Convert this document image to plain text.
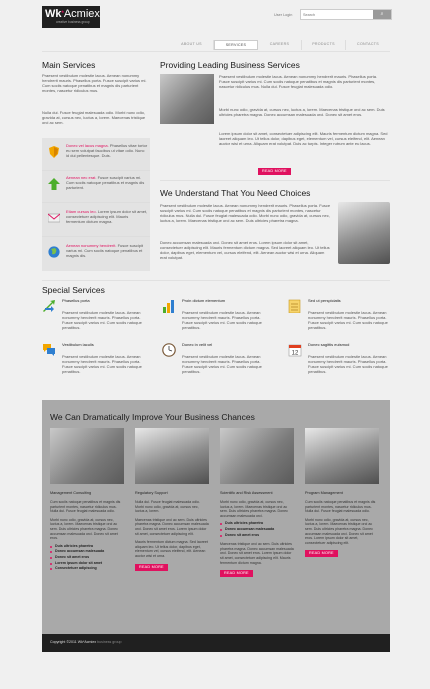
Wk*Acmiex
creative business group
User Login
Search	⌕
ABOUT US	SERVICES	CAREERS	PRODUCTS	CONTACTS
Main Services
Praesent vestibulum molestie lacus. Aenean nonummy hendrerit mauris. Phasellus porta. Fusce suscipit varius mi. Cum sociis natoque penatibus et magnis dis parturient montes, nascetur ridiculus mus.
Nulla dui. Fusce feugiat malesuada odio. Morbi nunc odio, gravida at, cursus nec, luctus a, lorem. Maecenas tristique orci ac sem.
Donec vel lacus magna. Phasellus vitae tortor eu sem volutpat faucibus ut vitae odio. Nunc id dui pellentesque. Duis.
Aenean nec erat. Fusce suscipit varius mi. Cum sociis natoque penatibus et magnis dis parturient.
Etiam cursus leo. Lorem ipsum dolor sit amet, consectetuer adipiscing elit. Mauris fermentum dictum magna.
Aenean nonummy hendrerit. Fusce suscipit varius mi. Cum sociis natoque penatibus et magnis dis.
Providing Leading Business Services
Praesent vestibulum molestie lacus. Aenean nonummy hendrerit mauris. Phasellus porta. Fusce suscipit varius mi. Cum sociis natoque penatibus et magnis dis parturient montes, nascetur ridiculus mus. Nulla dui. Fusce feugiat malesuada odio.
Morbi nunc odio, gravida at, cursus nec, luctus a, lorem. Maecenas tristique orci ac sem. Duis ultricies pharetra magna. Donec accumsan malesuada orci. Donec sit amet eros.
Lorem ipsum dolor sit amet, consectetuer adipiscing elit. Mauris fermentum dictum magna. Sed laoreet aliquam leo. Ut tellus dolor, dapibus eget, elementum vel, cursus eleifend, elit. Aenean auctor wisi et urna. Aliquam erat volutpat. Duis ac turpis. Integer rutrum ante eu lacus.
READ MORE
We Understand That You Need Choices
Praesent vestibulum molestie lacus. Aenean nonummy hendrerit mauris. Phasellus porta. Fusce suscipit varius mi. Cum sociis natoque penatibus et magnis dis parturient montes, nascetur ridiculus mus. Nulla dui. Fusce feugiat malesuada odio. Morbi nunc odio, gravida at, cursus nec, luctus a, lorem. Maecenas tristique orci ac sem. Duis ultricies pharetra magna.
Donec accumsan malesuada orci. Donec sit amet eros. Lorem ipsum dolor sit amet, consectetuer adipiscing elit. Mauris fermentum dictum magna. Sed laoreet aliquam leo. Ut tellus dolor, dapibus eget, elementum vel, cursus eleifend, elit. Aenean auctor wisi et urna. Aliquam erat volutpat.
Special Services
Phasellus porta
Praesent vestibulum molestie lacus. Aenean nonummy hendrerit mauris. Phasellus porta. Fusce suscipit varius mi. Cum sociis natoque penatibus.
Proin dictum elementum
Praesent vestibulum molestie lacus. Aenean nonummy hendrerit mauris. Phasellus porta. Fusce suscipit varius mi. Cum sociis natoque penatibus.
Sed ut perspiciatis
Praesent vestibulum molestie lacus. Aenean nonummy hendrerit mauris. Phasellus porta. Fusce suscipit varius mi. Cum sociis natoque penatibus.
Vestibulum iaculis
Praesent vestibulum molestie lacus. Aenean nonummy hendrerit mauris. Phasellus porta. Fusce suscipit varius mi. Cum sociis natoque penatibus.
Donec in velit vel
Praesent vestibulum molestie lacus. Aenean nonummy hendrerit mauris. Phasellus porta. Fusce suscipit varius mi. Cum sociis natoque penatibus.
12
Donec sagittis euismod
Praesent vestibulum molestie lacus. Aenean nonummy hendrerit mauris. Phasellus porta. Fusce suscipit varius mi. Cum sociis natoque penatibus.
We Can Dramatically Improve Your Business Chances
Management Consulting
Cum sociis natoque penatibus et magnis dis parturient montes, nascetur ridiculus mus. Nulla dui. Fusce feugiat malesuada odio.
Morbi nunc odio, gravida at, cursus nec, luctus a, lorem. Maecenas tristique orci ac sem. Duis ultricies pharetra magna. Donec accumsan malesuada orci. Donec sit amet eros.
Duis ultricies pharetra
Donec accumsan malesuada
Donec sit amet eros
Lorem ipsum dolor sit amet
Consectetuer adipiscing
Regulatory Support
Nulla dui. Fusce feugiat malesuada odio. Morbi nunc odio, gravida at, cursus nec, luctus a, lorem.
Maecenas tristique orci ac sem. Duis ultricies pharetra magna. Donec accumsan malesuada orci. Donec sit amet eros. Lorem ipsum dolor sit amet, consectetuer adipiscing elit.
Mauris fermentum dictum magna. Sed laoreet aliquam leo. Ut tellus dolor, dapibus eget, elementum vel, cursus eleifend, elit. Aenean auctor wisi et urna.
READ MORE
Scientific and Risk Assessment
Morbi nunc odio, gravida at, cursus nec, luctus a, lorem. Maecenas tristique orci ac sem. Duis ultricies pharetra magna. Donec accumsan malesuada orci.
Duis ultricies pharetra
Donec accumsan malesuada
Donec sit amet eros
Maecenas tristique orci ac sem. Duis ultricies pharetra magna. Donec accumsan malesuada orci. Donec sit amet eros. Lorem ipsum dolor sit amet, consectetuer adipiscing elit. Mauris fermentum dictum magna.
READ MORE
Program Management
Cum sociis natoque penatibus et magnis dis parturient montes, nascetur ridiculus mus. Nulla dui. Fusce feugiat malesuada odio.
Morbi nunc odio, gravida at, cursus nec, luctus a, lorem. Maecenas tristique orci ac sem. Duis ultricies pharetra magna. Donec accumsan malesuada orci. Donec sit amet eros. Lorem ipsum dolor sit amet, consectetuer adipiscing elit.
READ MORE
Copyright ©2011 Wk*Acmiex business group
